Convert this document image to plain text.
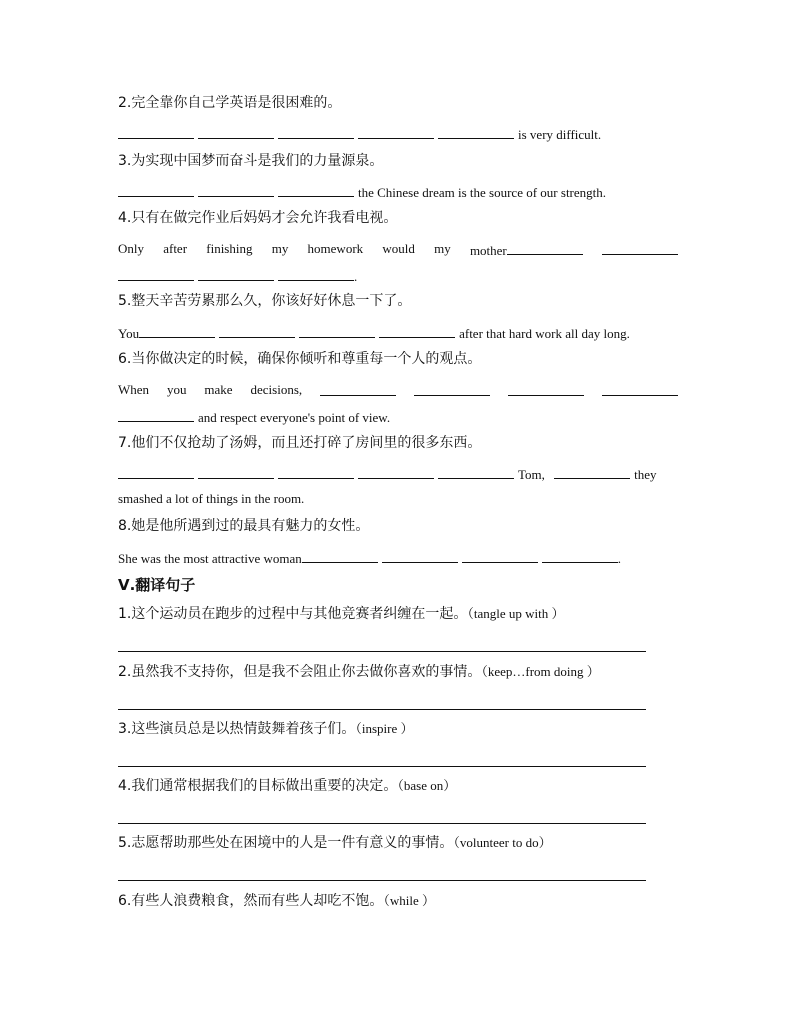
2.完全靠你自己学英语是很困难的。
is very difficult.
3.为实现中国梦而奋斗是我们的力量源泉。
the Chinese dream is the source of our strength.
4.只有在做完作业后妈妈才会允许我看电视。
Only after finishing my homework would my mother
.
5.整天辛苦劳累那么久，你该好好休息一下了。
You	after that hard work all day long.
6.当你做决定的时候，确保你倾听和尊重每一个人的观点。
When you make decisions,
and respect everyone's point of view.
7.他们不仅抢劫了汤姆，而且还打碎了房间里的很多东西。
Tom,	they
smashed a lot of things in the room.
8.她是他所遇到过的最具有魅力的女性。
She was the most attractive woman	.
Ⅴ.翻译句子
1.这个运动员在跑步的过程中与其他竞赛者纠缠在一起。（tangle up with ）
2.虽然我不支持你，但是我不会阻止你去做你喜欢的事情。（keep…from doing ）
3.这些演员总是以热情鼓舞着孩子们。（inspire ）
4.我们通常根据我们的目标做出重要的决定。（base on）
5.志愿帮助那些处在困境中的人是一件有意义的事情。（volunteer to do）
6.有些人浪费粮食，然而有些人却吃不饱。（while ）
